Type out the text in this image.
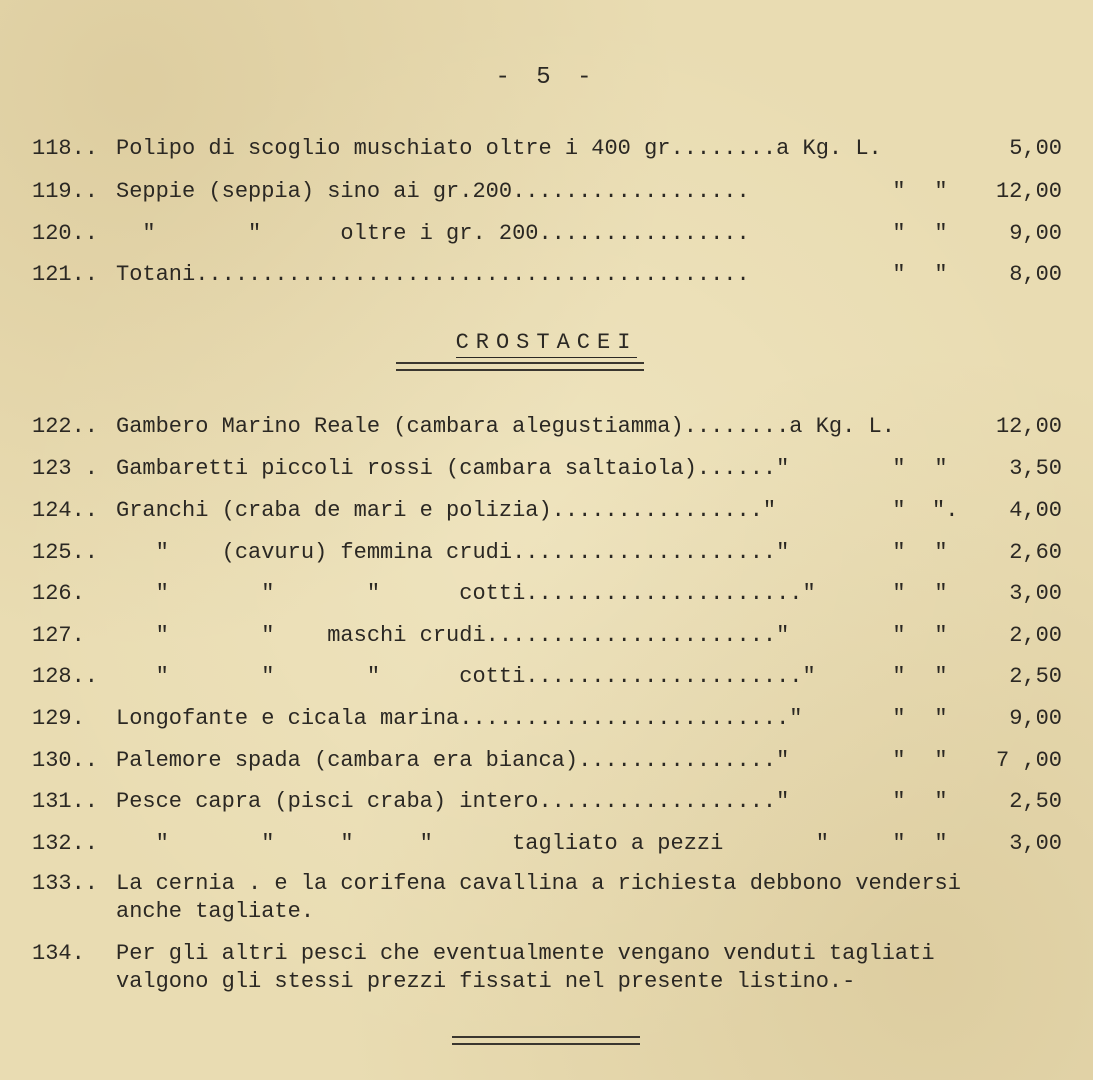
- 5 -
118.. Polipo di scoglio muschiato oltre i 400 gr........a Kg. L.	5,00
119.. Seppie (seppia) sino ai gr.200..................	" "	12,00
120.. "       "      oltre i gr. 200................	" "	9,00
121.. Totani..........................................	" "	8,00
CROSTACEI
122.. Gambero Marino Reale (cambara alegustiamma)........a Kg. L.	12,00
123 . Gambaretti piccoli rossi (cambara saltaiola)......"	" "	3,50
124.. Granchi (craba de mari e polizia)................"	" ".	4,00
125.. "    (cavuru) femmina crudi...................."	" "	2,60
126.	"       "       "      cotti....................."	" "	3,00
127.	"       "    maschi crudi......................"	" "	2,00
128.. "       "       "      cotti....................."	" "	2,50
129.	Longofante e cicala marina........................."	" "	9,00
130.. Palemore spada (cambara era bianca)..............."	" "	7 ,00
131.. Pesce capra (pisci craba) intero.................."	" "	2,50
132.. "       "     "     "      tagliato a pezzi       "	" "	3,00
133.. La cernia . e la corifena cavallina a richiesta debbono vendersi
anche tagliate.
134.	Per gli altri pesci che eventualmente vengano venduti tagliati
valgono gli stessi prezzi fissati nel presente listino.-
